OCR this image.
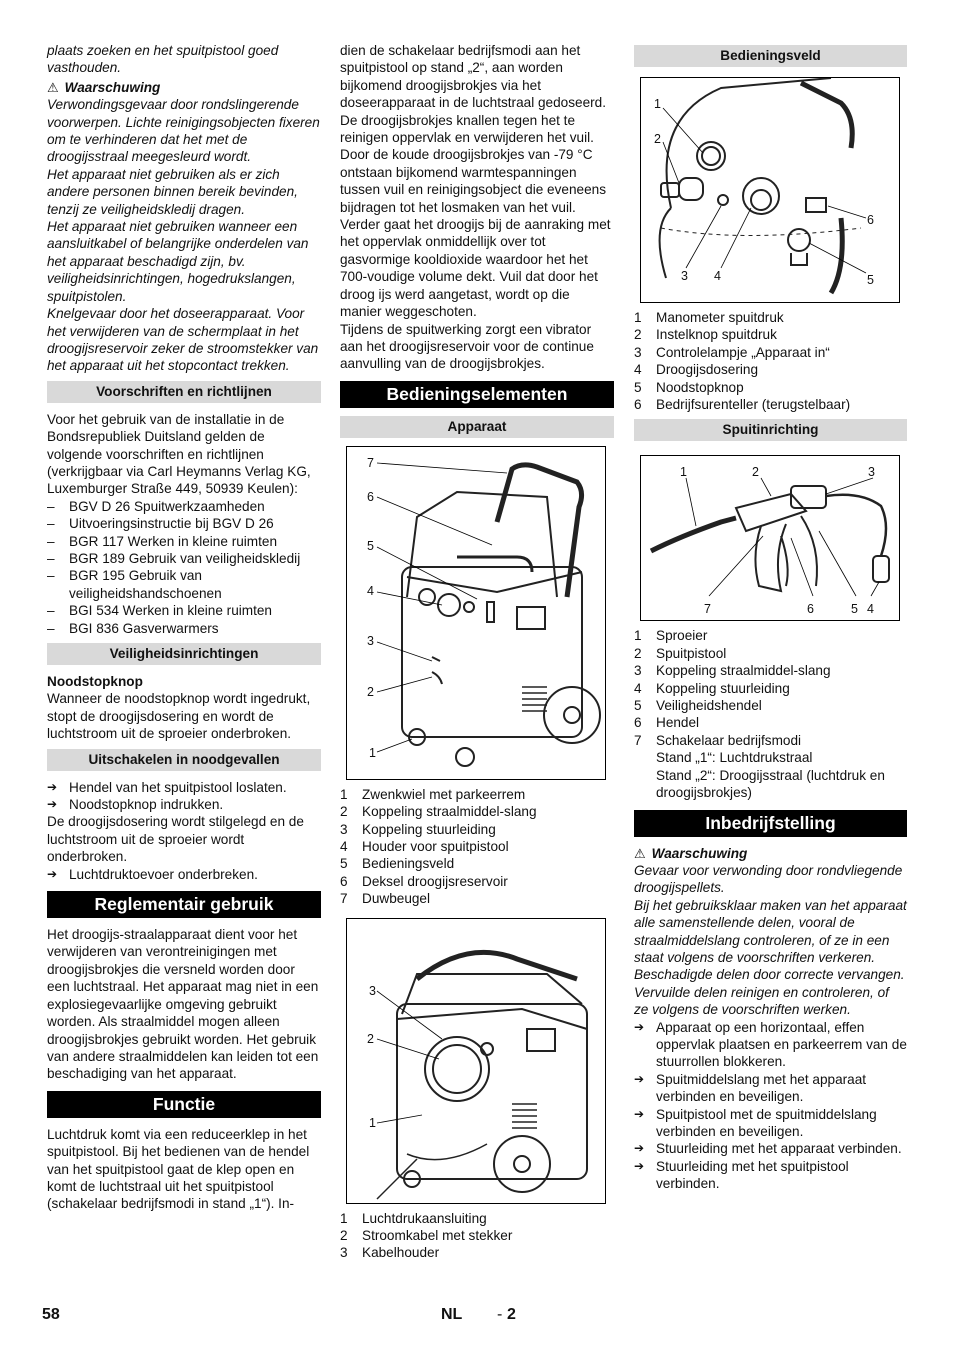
plaats zoeken en het spuitpistool goed vasthouden.

⚠ Waarschuwing

Verwondingsgevaar door rondslingerende voorwerpen. Lichte reinigingsobjecten fixeren om te verhinderen dat het met de droogijsstraal meegesleurd wordt.

Het apparaat niet gebruiken als er zich andere personen binnen bereik bevinden, tenzij ze veiligheidskledij dragen.

Het apparaat niet gebruiken wanneer een aansluitkabel of belangrijke onderdelen van het apparaat beschadigd zijn, bv. veiligheidsinrichtingen, hogedrukslangen, spuitpistolen.

Knelgevaar door het doseerapparaat. Voor het verwijderen van de schermplaat in het droogijsreservoir zeker de stroomstekker van het apparaat uit het stopcontact trekken.

Voorschriften en richtlijnen

Voor het gebruik van de installatie in de Bondsrepubliek Duitsland gelden de volgende voorschriften en richtlijnen (verkrijgbaar via Carl Heymanns Verlag KG, Luxemburger Straße 449, 50939 Keulen):

–	BGV D 26 Spuitwerkzaamheden
–	Uitvoeringsinstructie bij BGV D 26
–	BGR 117 Werken in kleine ruimten
–	BGR 189 Gebruik van veiligheidskledij
–	BGR 195 Gebruik van veiligheidshandschoenen
–	BGI 534 Werken in kleine ruimten
–	BGI 836 Gasverwarmers
Veiligheidsinrichtingen

Noodstopknop

Wanneer de noodstopknop wordt ingedrukt, stopt de droogijsdosering en wordt de luchtstroom uit de sproeier onderbroken.

Uitschakelen in noodgevallen
➔ Hendel van het spuitpistool loslaten.
➔ Noodstopknop indrukken.

De droogijsdosering wordt stilgelegd en de luchtstroom uit de sproeier wordt onderbroken.

➔ Luchtdruktoevoer onderbreken.
Reglementair gebruik

Het droogijs-straalapparaat dient voor het verwijderen van verontreinigingen met droogijsbrokjes die versneld worden door een luchtstraal. Het apparaat mag niet in een explosiegevaarlijke omgeving gebruikt worden. Als straalmiddel mogen alleen droogijsbrokjes gebruikt worden. Het gebruik van andere straalmiddelen kan leiden tot een beschadiging van het apparaat.

Functie

Luchtdruk komt via een reduceerklep in het spuitpistool. Bij het bedienen van de hendel van het spuitpistool gaat de klep open en komt de luchtstraal uit het spuitpistool (schakelaar bedrijfsmodi in stand „1“). In-

dien de schakelaar bedrijfsmodi aan het spuitpistool op stand „2“, aan worden bijkomend droogijsbrokjes via het doseerapparaat in de luchtstraal gedoseerd. De droogijsbrokjes knallen tegen het te reinigen oppervlak en verwijderen het vuil. Door de koude droogijsbrokjes van -79 °C ontstaan bijkomend warmtespanningen tussen vuil en reinigingsobject die eveneens bijdragen tot het losmaken van het vuil. Verder gaat het droogijs bij de aanraking met het oppervlak onmiddellijk over tot gasvormige kooldioxide waardoor het het 700-voudige volume dekt. Vuil dat door het droog ijs werd aangetast, wordt op die manier weggeschoten.

Tijdens de spuitwerking zorgt een vibrator aan het droogijsreservoir voor de continue aanvulling van de droogijsbrokjes.

Bedieningselementen
Apparaat
7
6
5
4
3
2
1
1	Zwenkwiel met parkeerrem
2	Koppeling straalmiddel-slang
3	Koppeling stuurleiding
4	Houder voor spuitpistool
5	Bedieningsveld
6	Deksel droogijsreservoir
7	Duwbeugel
3
2
1
1	Luchtdrukaansluiting
2	Stroomkabel met stekker
3	Kabelhouder
Bedieningsveld
1
2
3 4
6
5
1	Manometer spuitdruk
2	Instelknop spuitdruk
3	Controlelampje „Apparaat in“
4	Droogijsdosering
5	Noodstopknop
6	Bedrijfsurenteller (terugstelbaar)
Spuitinrichting
1	2	3
7	6	5 4
1	Sproeier
2	Spuitpistool
3	Koppeling straalmiddel-slang
4	Koppeling stuurleiding
5	Veiligheidshendel
6	Hendel
7	Schakelaar bedrijfsmodi
Stand „1“: Luchtdrukstraal
Stand „2“: Droogijsstraal (luchtdruk en droogijsbrokjes)
Inbedrijfstelling
⚠ Waarschuwing

Gevaar voor verwonding door rondvliegende droogijspellets.

Bij het gebruiksklaar maken van het apparaat alle samenstellende delen, vooral de straalmiddelslang controleren, of ze in een staat volgens de voorschriften verkeren. Beschadigde delen door correcte vervangen.

Vervuilde delen reinigen en controleren, of ze volgens de voorschriften werken.

➔ Apparaat op een horizontaal, effen oppervlak plaatsen en parkeerrem van de stuurrollen blokkeren.
➔ Spuitmiddelslang met het apparaat verbinden en beveiligen.
➔ Spuitpistool met de spuitmiddelslang verbinden en beveiligen.
➔ Stuurleiding met het apparaat verbinden.
➔ Stuurleiding met het spuitpistool verbinden.
58	NL - 2
